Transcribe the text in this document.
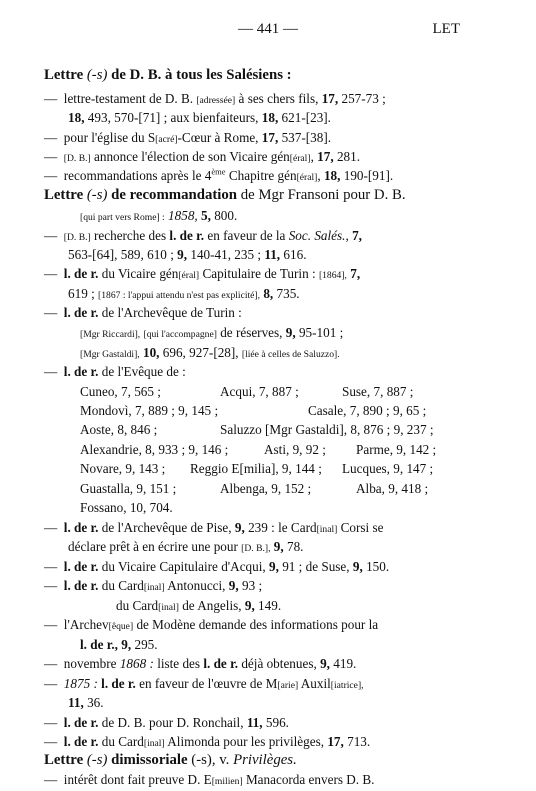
— 441 —	LET
Lettre (-s) de D. B. à tous les Salésiens :
— lettre-testament de D. B. [adressée] à ses chers fils, 17, 257-73 ;
18, 493, 570-[71] ; aux bienfaiteurs, 18, 621-[23].
— pour l'église du S[acré]-Cœur à Rome, 17, 537-[38].
— [D. B.] annonce l'élection de son Vicaire gén[éral], 17, 281.
— recommandations après le 4ème Chapitre gén[éral], 18, 190-[91].
Lettre (-s) de recommandation de Mgr Fransoni pour D. B.
[qui part vers Rome] : 1858, 5, 800.
— [D. B.] recherche des l. de r. en faveur de la Soc. Salés., 7,
563-[64], 589, 610 ; 9, 140-41, 235 ; 11, 616.
— l. de r. du Vicaire gén[éral] Capitulaire de Turin : [1864], 7,
619 ; [1867 : l'appui attendu n'est pas explicité], 8, 735.
— l. de r. de l'Archevêque de Turin :
[Mgr Riccardi], [qui l'accompagne] de réserves, 9, 95-101 ;
[Mgr Gastaldi], 10, 696, 927-[28], [liée à celles de Saluzzo].
— l. de r. de l'Evêque de :
Cuneo, 7, 565 ;	Acqui, 7, 887 ;	Suse, 7, 887 ;
Mondovì, 7, 889 ; 9, 145 ;	Casale, 7, 890 ; 9, 65 ;
Aoste, 8, 846 ;	Saluzzo [Mgr Gastaldi], 8, 876 ; 9, 237 ;
Alexandrie, 8, 933 ; 9, 146 ;	Asti, 9, 92 ; Parme, 9, 142 ;
Novare, 9, 143 ; Reggio E[milia], 9, 144 ; Lucques, 9, 147 ;
Guastalla, 9, 151 ;	Albenga, 9, 152 ;	Alba, 9, 418 ;
Fossano, 10, 704.
— l. de r. de l'Archevêque de Pise, 9, 239 : le Card[inal] Corsi se
déclare prêt à en écrire une pour [D. B.], 9, 78.
— l. de r. du Vicaire Capitulaire d'Acqui, 9, 91 ; de Suse, 9, 150.
— l. de r. du Card[inal] Antonucci, 9, 93 ;
du Card[inal] de Angelis, 9, 149.
— l'Archev[êque] de Modène demande des informations pour la
l. de r., 9, 295.
— novembre 1868 : liste des l. de r. déjà obtenues, 9, 419.
— 1875 : l. de r. en faveur de l'œuvre de M[arie] Auxil[iatrice],
11, 36.
— l. de r. de D. B. pour D. Ronchail, 11, 596.
— l. de r. du Card[inal] Alimonda pour les privilèges, 17, 713.
Lettre (-s) dimissoriale (-s), v. Privilèges.
— intérêt dont fait preuve D. E[milien] Manacorda envers D. B.
